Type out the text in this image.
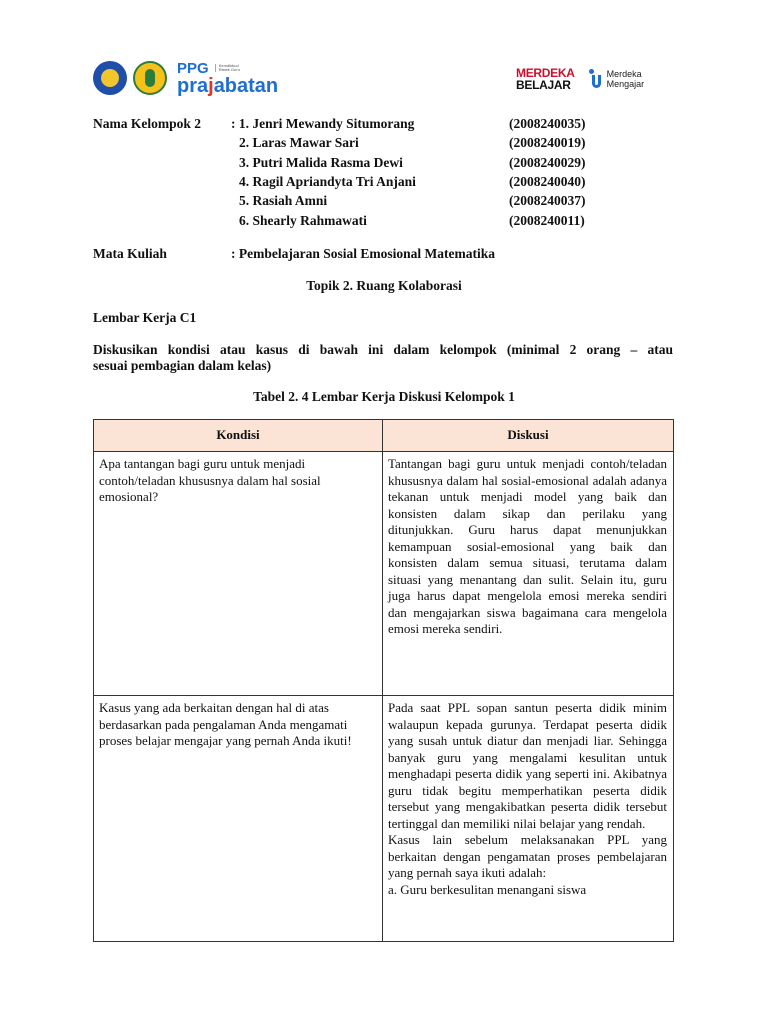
PPG	Kemdikbud Ristek Guru
prajabatan
MERDEKA
BELAJAR
Merdeka
Mengajar
Nama Kelompok 2 : 1. Jenri Mewandy Situmorang	(2008240035)
2. Laras Mawar Sari	(2008240019)
3. Putri Malida Rasma Dewi	(2008240029)
4. Ragil Apriandyta Tri Anjani	(2008240040)
5. Rasiah Amni	(2008240037)
6. Shearly Rahmawati	(2008240011)
Mata Kuliah	: Pembelajaran Sosial Emosional Matematika
Topik 2. Ruang Kolaborasi
Lembar Kerja C1
Diskusikan kondisi atau kasus di bawah ini dalam kelompok (minimal 2 orang – atau
sesuai pembagian dalam kelas)
Tabel 2. 4 Lembar Kerja Diskusi Kelompok 1
Kondisi	Diskusi

Apa tantangan bagi guru untuk menjadi contoh/teladan khususnya dalam hal sosial emosional?	Tantangan bagi guru untuk menjadi contoh/teladan khususnya dalam hal sosial-emosional adalah adanya tekanan untuk menjadi model yang baik dan konsisten dalam sikap dan perilaku yang ditunjukkan. Guru harus dapat menunjukkan kemampuan sosial-emosional yang baik dan konsisten dalam semua situasi, terutama dalam situasi yang menantang dan sulit. Selain itu, guru juga harus dapat mengelola emosi mereka sendiri dan mengajarkan siswa bagaimana cara mengelola emosi mereka sendiri.

Kasus yang ada berkaitan dengan hal di atas berdasarkan pada pengalaman Anda mengamati proses belajar mengajar yang pernah Anda ikuti!	Pada saat PPL sopan santun peserta didik minim walaupun kepada gurunya. Terdapat peserta didik yang susah untuk diatur dan menjadi liar. Sehingga banyak guru yang mengalami kesulitan untuk menghadapi peserta didik yang seperti ini. Akibatnya guru tidak begitu memperhatikan peserta didik tersebut yang mengakibatkan peserta didik tersebut tertinggal dan memiliki nilai belajar yang rendah.
Kasus lain sebelum melaksanakan PPL yang berkaitan dengan pengamatan proses pembelajaran yang pernah saya ikuti adalah:
a. Guru berkesulitan menangani siswa
